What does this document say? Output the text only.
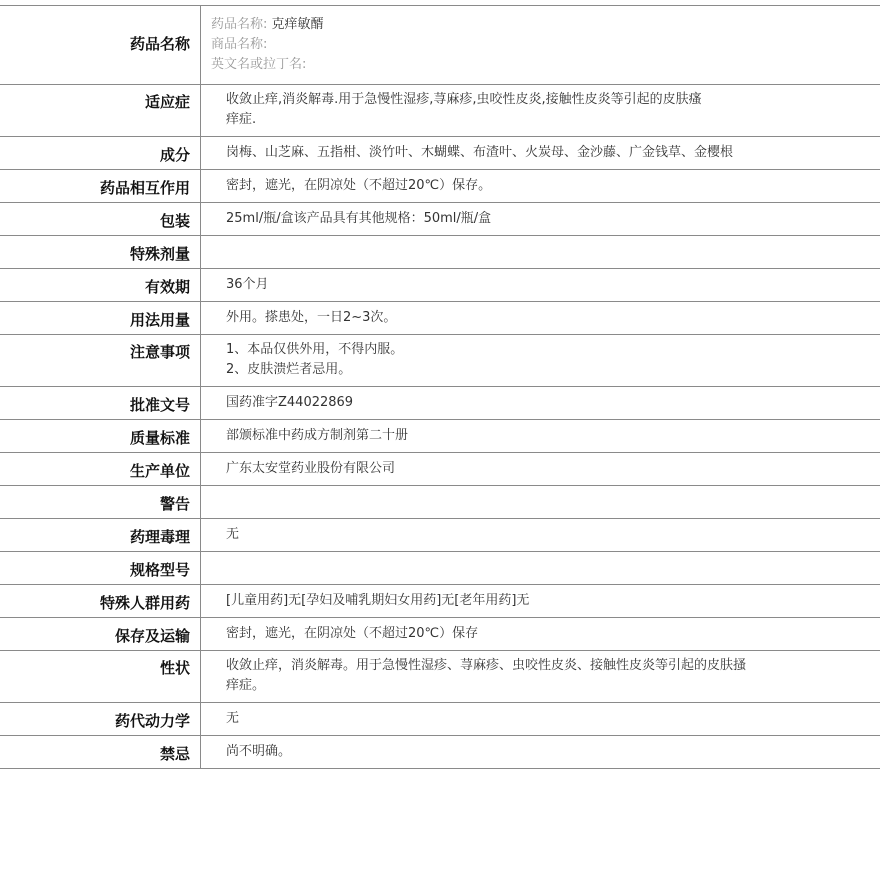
药品名称	药品名称: 克痒敏醑
商品名称:
英文名或拉丁名:

适应症	收敛止痒,消炎解毒.用于急慢性湿疹,荨麻疹,虫咬性皮炎,接触性皮炎等引起的皮肤瘙
痒症.

成分	岗梅、山芝麻、五指柑、淡竹叶、木蝴蝶、布渣叶、火炭母、金沙藤、广金钱草、金樱根
药品相互作用	密封，遮光，在阴凉处（不超过20℃）保存。
包装	25ml/瓶/盒该产品具有其他规格：50ml/瓶/盒
特殊剂量	
有效期	36个月
用法用量	外用。搽患处，一日2~3次。
注意事项	1、本品仅供外用，不得内服。
2、皮肤溃烂者忌用。

批准文号	国药准字Z44022869
质量标准	部颁标准中药成方制剂第二十册
生产单位	广东太安堂药业股份有限公司
警告	
药理毒理	无
规格型号	
特殊人群用药	[儿童用药]无[孕妇及哺乳期妇女用药]无[老年用药]无
保存及运输	密封，遮光，在阴凉处（不超过20℃）保存
性状	收敛止痒，消炎解毒。用于急慢性湿疹、荨麻疹、虫咬性皮炎、接触性皮炎等引起的皮肤搔
痒症。

药代动力学	无
禁忌	尚不明确。
